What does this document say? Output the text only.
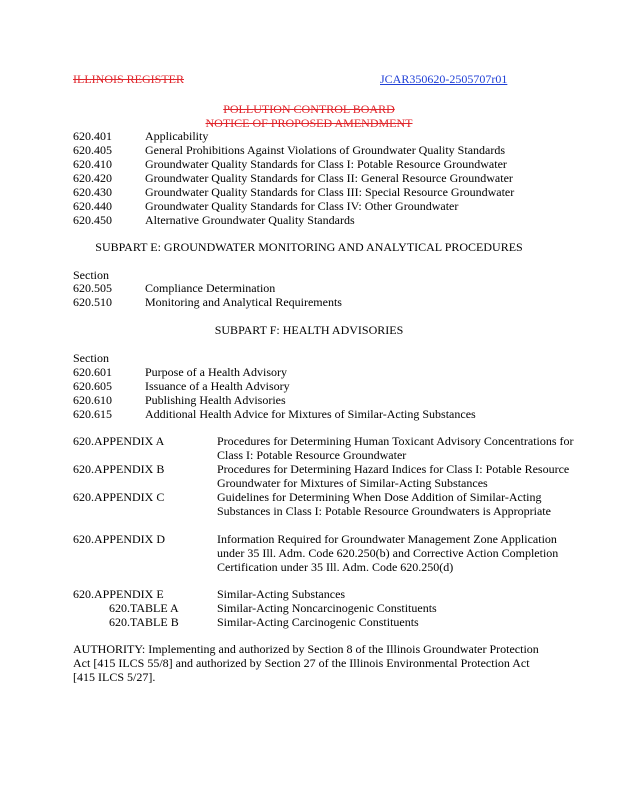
ILLINOIS REGISTER	JCAR350620-2505707r01
POLLUTION CONTROL BOARD
NOTICE OF PROPOSED AMENDMENT
620.401	Applicability
620.405	General Prohibitions Against Violations of Groundwater Quality Standards
620.410	Groundwater Quality Standards for Class I: Potable Resource Groundwater
620.420	Groundwater Quality Standards for Class II: General Resource Groundwater
620.430	Groundwater Quality Standards for Class III: Special Resource Groundwater
620.440	Groundwater Quality Standards for Class IV: Other Groundwater
620.450	Alternative Groundwater Quality Standards
SUBPART E: GROUNDWATER MONITORING AND ANALYTICAL PROCEDURES
Section
620.505	Compliance Determination
620.510	Monitoring and Analytical Requirements
SUBPART F: HEALTH ADVISORIES
Section
620.601	Purpose of a Health Advisory
620.605	Issuance of a Health Advisory
620.610	Publishing Health Advisories
620.615	Additional Health Advice for Mixtures of Similar-Acting Substances
620.APPENDIX A	Procedures for Determining Human Toxicant Advisory Concentrations for Class I: Potable Resource Groundwater
620.APPENDIX B	Procedures for Determining Hazard Indices for Class I: Potable Resource Groundwater for Mixtures of Similar-Acting Substances
620.APPENDIX C	Guidelines for Determining When Dose Addition of Similar-Acting Substances in Class I: Potable Resource Groundwaters is Appropriate
620.APPENDIX D	Information Required for Groundwater Management Zone Application under 35 Ill. Adm. Code 620.250(b) and Corrective Action Completion Certification under 35 Ill. Adm. Code 620.250(d)
620.APPENDIX E	Similar-Acting Substances
620.TABLE A	Similar-Acting Noncarcinogenic Constituents
620.TABLE B	Similar-Acting Carcinogenic Constituents
AUTHORITY: Implementing and authorized by Section 8 of the Illinois Groundwater Protection Act [415 ILCS 55/8] and authorized by Section 27 of the Illinois Environmental Protection Act [415 ILCS 5/27].
